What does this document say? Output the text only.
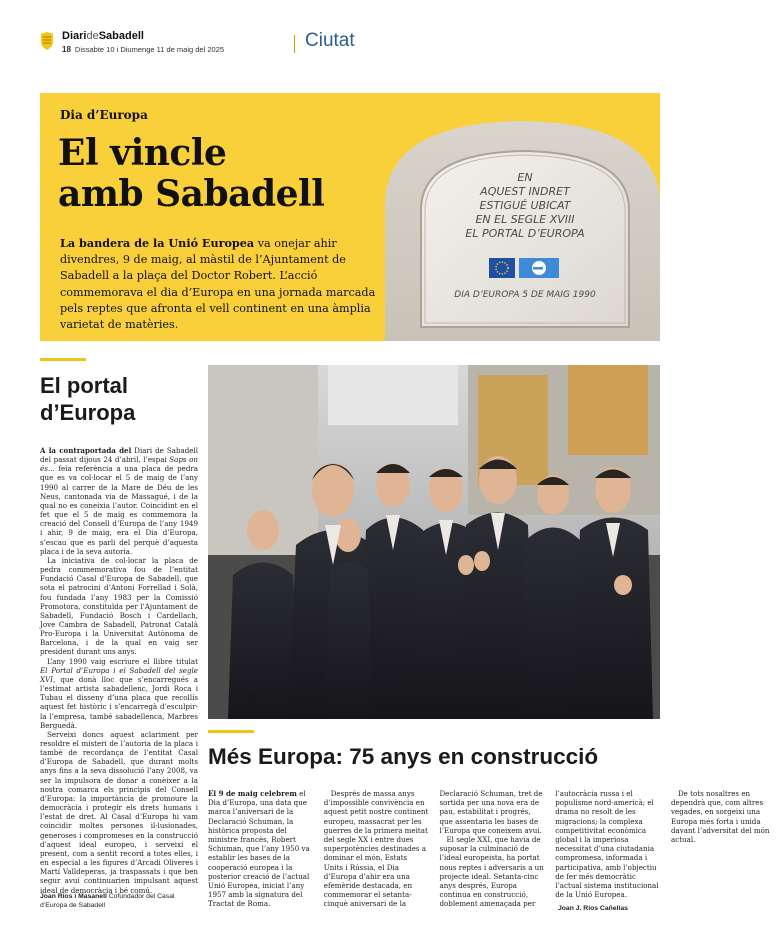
DiarideSabadell
18 Dissabte 10 i Diumenge 11 de maig del 2025	Ciutat
Dia d’Europa
El vincle
amb Sabadell

La bandera de la Unió Europea va onejar ahir divendres, 9 de maig, al màstil de l’Ajuntament de Sabadell a la plaça del Doctor Robert. L’acció commemorava el dia d’Europa en una jornada marcada pels reptes que afronta el vell continent en una àmplia varietat de matèries.

EN
AQUEST INDRET
ESTIGUÉ UBICAT
EN EL SEGLE XVIII
EL PORTAL D’EUROPA
DIA D’EUROPA 5 DE MAIG 1990
El portal
d’Europa

A la contraportada del Diari de Sabadell del passat dijous 24 d’abril, l’espai Saps on és... feia referència a una placa de pedra que es va col·locar el 5 de maig de l’any 1990 al carrer de la Mare de Déu de les Neus, cantonada via de Massagué, i de la qual no es coneixia l’autor. Coincidint en el fet que el 5 de maig es commemora la creació del Consell d’Europa de l’any 1949 i ahir, 9 de maig, era el Dia d’Europa, s’escau que es parli del perquè d’aquesta placa i de la seva autoria.

La iniciativa de col·locar la placa de pedra commemorativa fou de l’entitat Fundació Casal d’Europa de Sabadell, que sota el patrocini d’Antoni Forrellad i Solà, fou fundada l’any 1983 per la Comissió Promotora, constituïda per l’Ajuntament de Sabadell, Fundació Bosch i Cardellach, Jove Cambra de Sabadell, Patronat Català Pro-Europa i la Universitat Autònoma de Barcelona, i de la qual en vaig ser president durant uns anys.

L’any 1990 vaig escriure el llibre titulat El Portal d’Europa i el Sabadell del segle XVI, que donà lloc que s’encarregués a l’estimat artista sabadellenc, Jordi Roca i Tubau el disseny d’una placa que recollís aquest fet històric i s’encarregà d’esculpir-la l’empresa, també sabadellenca, Marbres Berguedà.

Serveixi doncs aquest aclariment per resoldre el misteri de l’autoria de la placa i també de recordança de l’entitat Casal d’Europa de Sabadell, que durant molts anys fins a la seva dissolució l’any 2008, va ser la impulsora de donar a conèixer a la nostra comarca els principis del Consell d’Europa: la importància de promoure la democràcia i protegir els drets humans i l’estat de dret. Al Casal d’Europa hi vam coincidir moltes persones il·lusionades, generoses i compromeses en la construcció d’aquest ideal europeu, i serveixi el present, com a sentit record a totes elles, i en especial a les figures d’Arcadi Oliveres i Martí Valldeperas, ja traspassats i que ben segur avui continuarien impulsant aquest ideal de democràcia i bé comú.

Joan Ríos i Masanell Cofundador del Casal d’Europa de Sabadell
Més Europa: 75 anys en construcció

El 9 de maig celebrem el Dia d’Europa, una data que marca l’aniversari de la Declaració Schuman, la històrica proposta del ministre francès, Robert Schuman, que l’any 1950 va establir les bases de la cooperació europea i la posterior creació de l’actual Unió Europea, iniciat l’any 1957 amb la signatura del Tractat de Roma.

Després de massa anys d’impossible convivència en aquest petit nostre continent europeu, massacrat per les guerres de la primera meitat del segle XX i entre dues superpotències destinades a dominar el món, Estats Units i Rússia, el Dia d’Europa d’ahir era una efemèride destacada, en commemorar el setanta-cinquè aniversari de la Declaració Schuman, tret de sortida per una nova era de pau, estabilitat i progrés, que assentaria les bases de l’Europa que coneixem avui.

El segle XXI, que havia de suposar la culminació de l’ideal europeista, ha portat nous reptes i adversaris a un projecte ideal. Setanta-cinc anys després, Europa continua en construcció, doblement amenaçada per l’autocràcia russa i el populisme nord-americà; el drama no resolt de les migracions; la complexa competitivitat econòmica global i la imperiosa necessitat d’una ciutadania compromesa, informada i participativa, amb l’objectiu de fer més democràtic l’actual sistema institucional de la Unió Europea.

De tots nosaltres en dependrà que, com altres vegades, en sorgeixi una Europa més forta i unida davant l’adversitat del món actual.

Joan J. Ríos Cañellas
